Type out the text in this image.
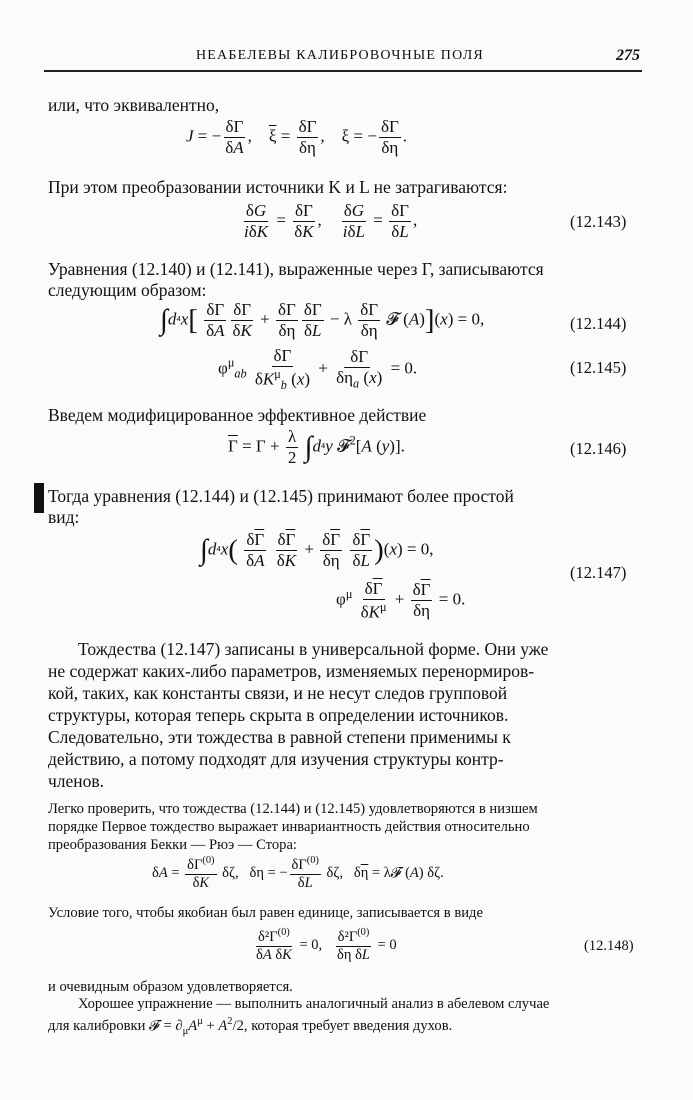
НЕАБЕЛЕВЫ КАЛИБРОВОЧНЫЕ ПОЛЯ	275
или, что эквивалентно,
J = − $\frac{\delta\Gamma}{\delta A}$ ,    $\overline{\xi} = \frac{\delta\Gamma}{\delta\eta}$ ,    ξ = − $\frac{\delta\Gamma}{\delta\overline{\eta}}$ .
При этом преобразовании источники K и L не затрагиваются:
$\frac{\delta G}{\text{iδK}} = \frac{\delta\Gamma}{\delta K}$ , $\frac{\delta G}{\text{iδL}} = \frac{\delta\Gamma}{\delta L}$ ,	(12.143)
Уравнения (12.140) и (12.141), выраженные через Г, записываются
следующим образом:
$\int d^4x[ \frac{\delta\Gamma}{\delta A} \frac{\delta\Gamma}{\delta K} + \frac{\delta\Gamma}{\delta\eta} \frac{\delta\Gamma}{\delta L} - \lambda \frac{\delta\Gamma}{\delta\overline{\eta}}$ 𝓕 (A)](x) = 0,	(12.144)
$\varphi^\mu_{ab} \frac{\delta\Gamma}{\delta K^\mu_b (x)} + \frac{\delta\Gamma}{\delta\overline{\eta}_a (x)} = 0$.	(12.145)
Введем модифицированное эффективное действие
$\overline{\Gamma} = \Gamma + \frac{\lambda}{2} \int d^4y$ 𝓕$^2$[A (y)].	(12.146)
Тогда уравнения (12.144) и (12.145) принимают более простой
вид:
$\int d^4x( \frac{\delta\overline{\Gamma}}{\delta A}$
$\frac{\delta\overline{\Gamma}}{\delta K} + \frac{\delta\overline{\Gamma}}{\delta\eta}$
$\frac{\delta\overline{\Gamma}}{\delta L} )(x) = 0$,
$\varphi^\mu \frac{\delta\overline{\Gamma}}{\delta K^\mu} + \frac{\delta\overline{\Gamma}}{\delta\overline{\eta}} = 0$.
(12.147)
Тождества (12.147) записаны в универсальной форме. Они уже
не содержат каких-либо параметров, изменяемых перенормиров-
кой, таких, как константы связи, и не несут следов групповой
структуры, которая теперь скрыта в определении источников.
Следовательно, эти тождества в равной степени применимы к
действию, а потому подходят для изучения структуры контр-
членов.
Легко проверить, что тождества (12.144) и (12.145) удовлетворяются в низшем
порядке Первое тождество выражает инвариантность действия относительно
преобразования Бекки — Рюэ — Стора:
$\delta A = \frac{\delta\Gamma^{(0)}}{\delta K} \delta\zeta$,   δη = − $\frac{\delta\Gamma^{(0)}}{\delta L} \delta\zeta$,   $\delta\overline{\eta}$ = λ𝓕 (A) δζ.
Условие того, чтобы якобиан был равен единице, записывается в виде
$\frac{\delta^2\Gamma^{(0)}}{\text{δA δK}} = 0$, $\frac{\delta^2\Gamma^{(0)}}{\text{δη δL}} = 0$	(12.148)
и очевидным образом удовлетворяется.
Хорошее упражнение — выполнить аналогичный анализ в абелевом случае
для калибровки 𝓕 = $\partial_\mu A^\mu + A^2/2$, которая требует введения духов.
